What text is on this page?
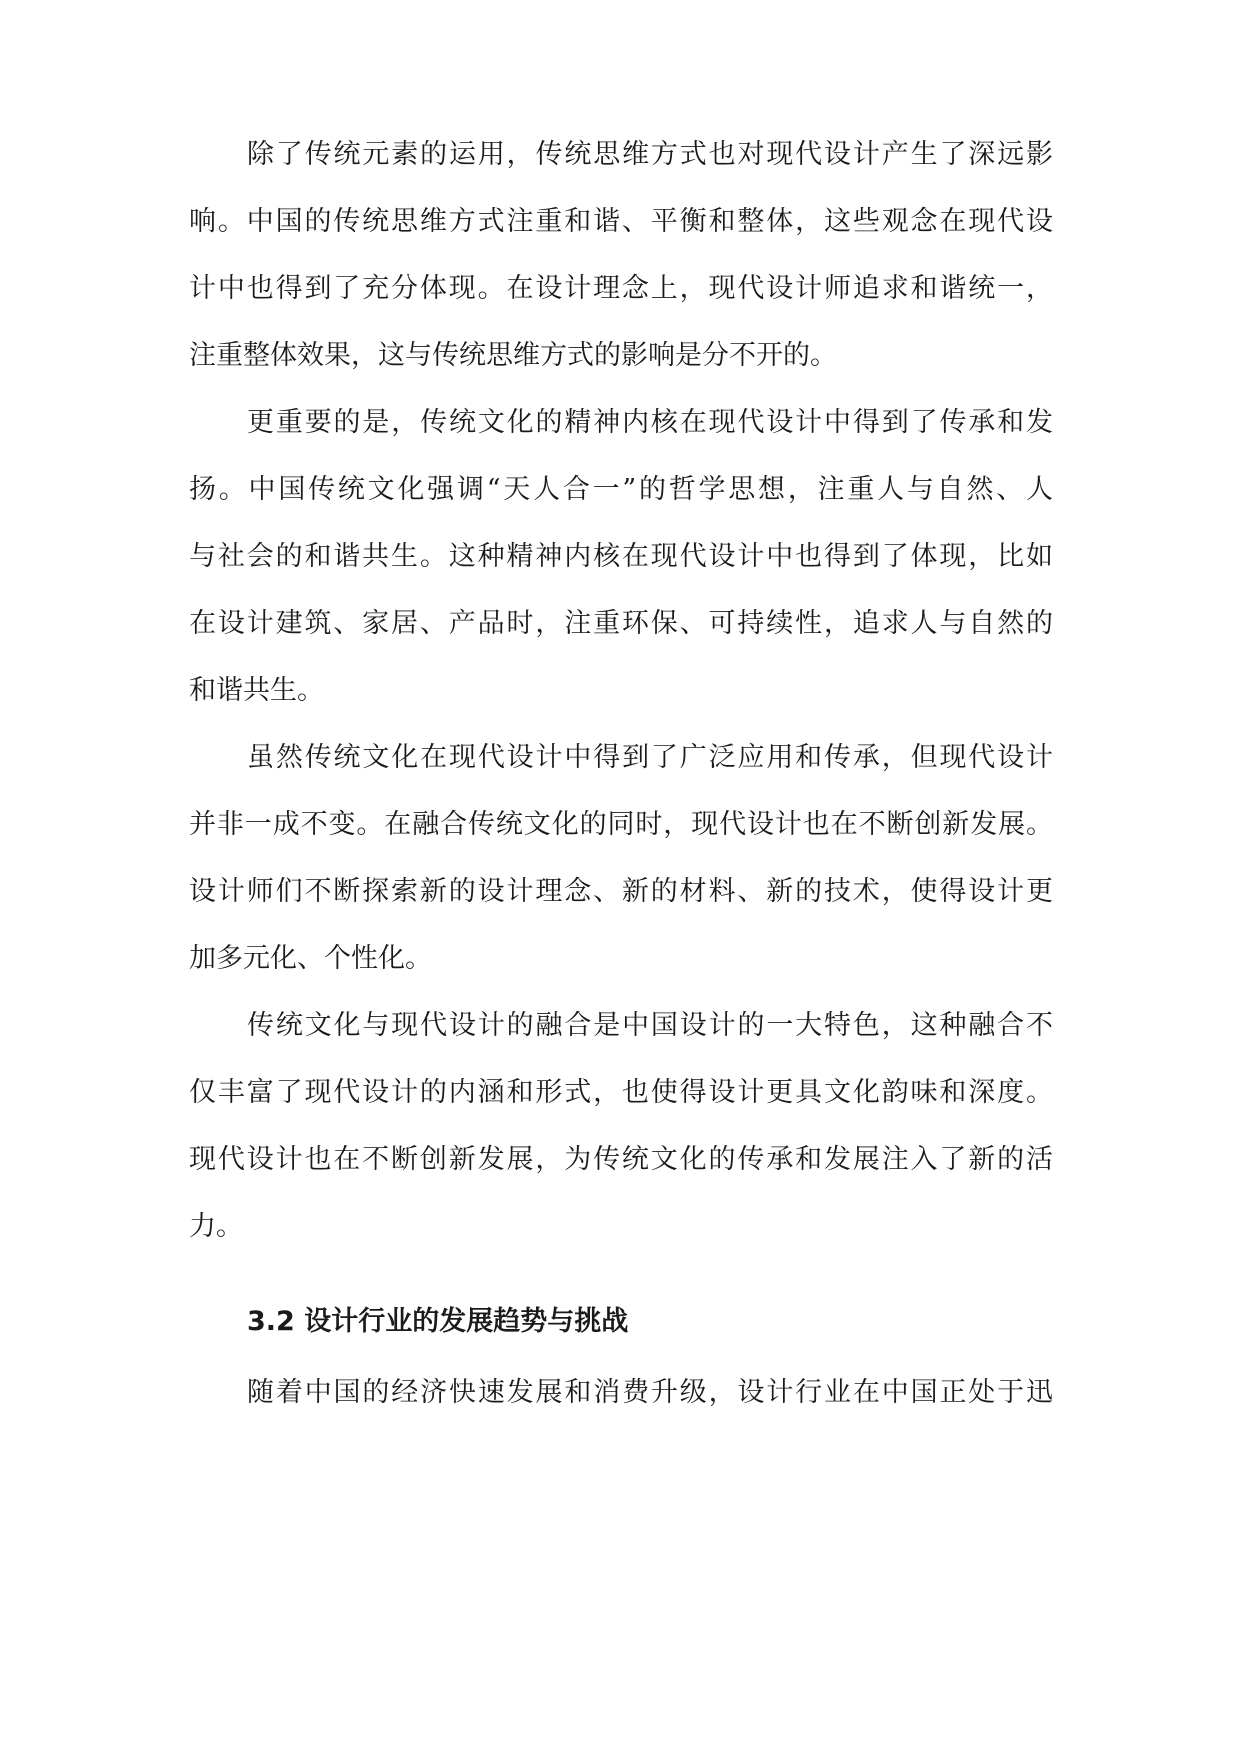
除了传统元素的运用，传统思维方式也对现代设计产生了深远影

响。中国的传统思维方式注重和谐、平衡和整体，这些观念在现代设

计中也得到了充分体现。在设计理念上，现代设计师追求和谐统一，

注重整体效果，这与传统思维方式的影响是分不开的。

更重要的是，传统文化的精神内核在现代设计中得到了传承和发

扬。中国传统文化强调“天人合一”的哲学思想，注重人与自然、人

与社会的和谐共生。这种精神内核在现代设计中也得到了体现，比如

在设计建筑、家居、产品时，注重环保、可持续性，追求人与自然的

和谐共生。

虽然传统文化在现代设计中得到了广泛应用和传承，但现代设计

并非一成不变。在融合传统文化的同时，现代设计也在不断创新发展。

设计师们不断探索新的设计理念、新的材料、新的技术，使得设计更

加多元化、个性化。

传统文化与现代设计的融合是中国设计的一大特色，这种融合不

仅丰富了现代设计的内涵和形式，也使得设计更具文化韵味和深度。

现代设计也在不断创新发展，为传统文化的传承和发展注入了新的活

力。

3.2 设计行业的发展趋势与挑战

随着中国的经济快速发展和消费升级，设计行业在中国正处于迅
